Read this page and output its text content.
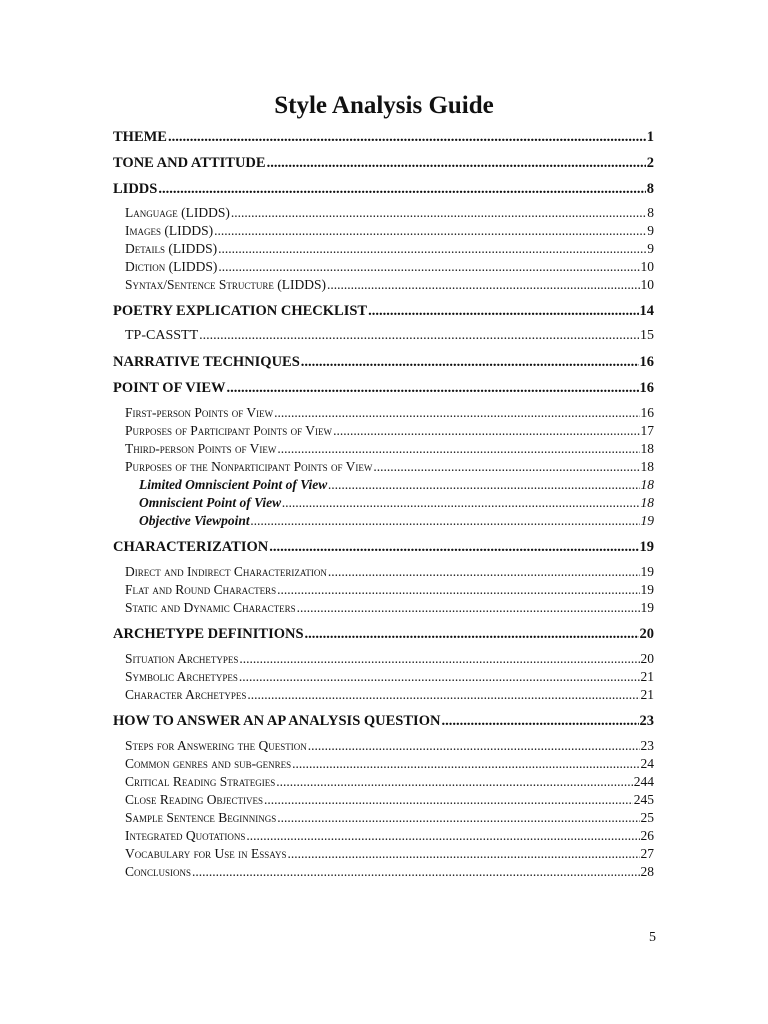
Style Analysis Guide
THEME .....	1
TONE AND ATTITUDE .....	2
LIDDS .....	8
Language (LIDDS) .....	8
Images (LIDDS) .....	9
Details (LIDDS) .....	9
Diction (LIDDS) .....	10
Syntax/Sentence Structure (LIDDS) .....	10
POETRY EXPLICATION CHECKLIST .....	14
TP-CASSTT .....	15
NARRATIVE TECHNIQUES .....	16
POINT OF VIEW .....	16
First-person Points of View .....	16
Purposes of Participant Points of View .....	17
Third-person Points of View .....	18
Purposes of the Nonparticipant Points of View .....	18
Limited Omniscient Point of View .....	18
Omniscient Point of View .....	18
Objective Viewpoint .....	19
CHARACTERIZATION .....	19
Direct and Indirect Characterization .....	19
Flat and Round Characters .....	19
Static and Dynamic Characters .....	19
ARCHETYPE DEFINITIONS .....	20
Situation Archetypes .....	20
Symbolic Archetypes .....	21
Character Archetypes .....	21
HOW TO ANSWER AN AP ANALYSIS QUESTION .....	23
Steps for Answering the Question .....	23
Common genres and sub-genres .....	24
Critical Reading Strategies .....	244
Close Reading Objectives .....	245
Sample Sentence Beginnings .....	25
Integrated Quotations .....	26
Vocabulary for Use in Essays .....	27
Conclusions .....	28
5
